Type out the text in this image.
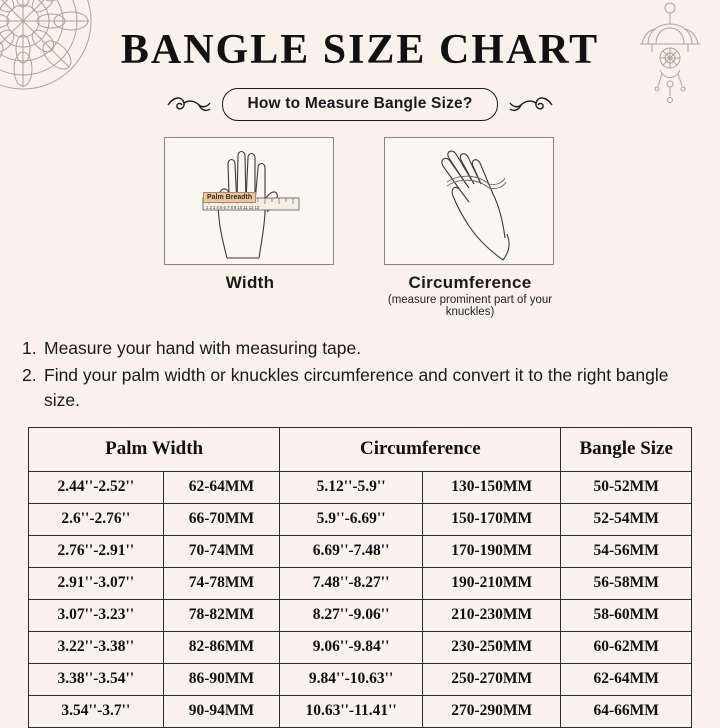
BANGLE SIZE CHART
How to Measure Bangle Size?
1 2 3 4 5 6 7 8 9 10 11 12 13
Palm Breadth
Width	Circumference
(measure prominent part of your knuckles)
1. Measure your hand with measuring tape.
2. Find your palm width or knuckles circumference and convert it to the right bangle size.
Palm Width		Circumference		Bangle Size
2.44''-2.52''	62-64MM	5.12''-5.9''	130-150MM	50-52MM
2.6''-2.76''	66-70MM	5.9''-6.69''	150-170MM	52-54MM
2.76''-2.91''	70-74MM	6.69''-7.48''	170-190MM	54-56MM
2.91''-3.07''	74-78MM	7.48''-8.27''	190-210MM	56-58MM
3.07''-3.23''	78-82MM	8.27''-9.06''	210-230MM	58-60MM
3.22''-3.38''	82-86MM	9.06''-9.84''	230-250MM	60-62MM
3.38''-3.54''	86-90MM	9.84''-10.63''	250-270MM	62-64MM
3.54''-3.7''	90-94MM	10.63''-11.41''	270-290MM	64-66MM
